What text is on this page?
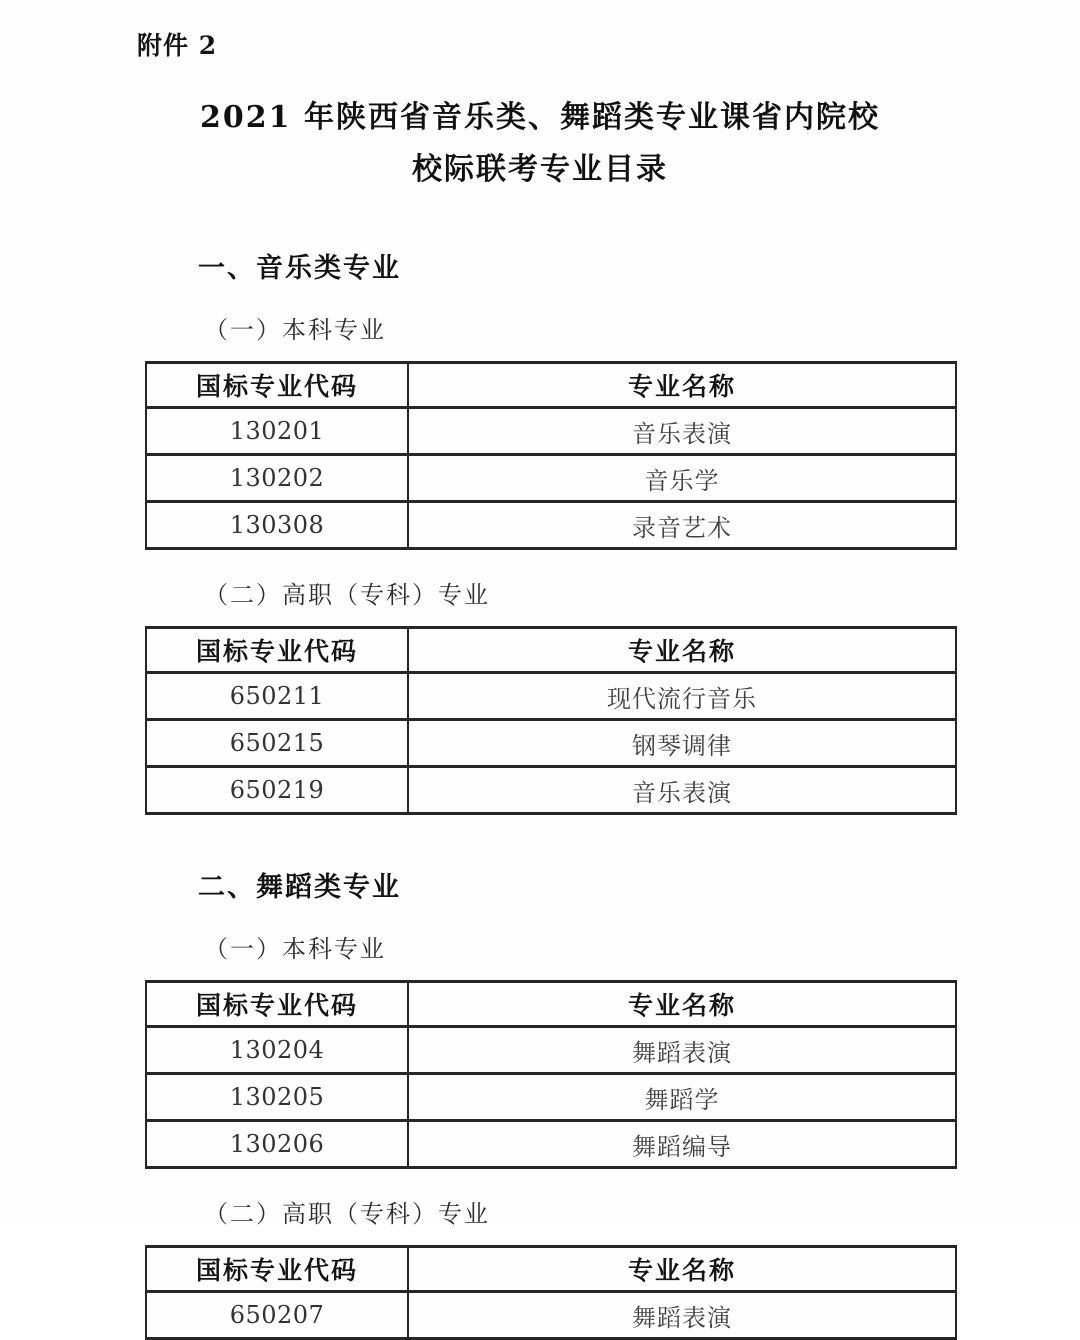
附件 2
2021 年陕西省音乐类、舞蹈类专业课省内院校
校际联考专业目录
一、音乐类专业
（一）本科专业
国标专业代码	专业名称
130201	音乐表演
130202	音乐学
130308	录音艺术
（二）高职（专科）专业
国标专业代码	专业名称
650211	现代流行音乐
650215	钢琴调律
650219	音乐表演
二、舞蹈类专业
（一）本科专业
国标专业代码	专业名称
130204	舞蹈表演
130205	舞蹈学
130206	舞蹈编导
（二）高职（专科）专业
国标专业代码	专业名称
650207	舞蹈表演
